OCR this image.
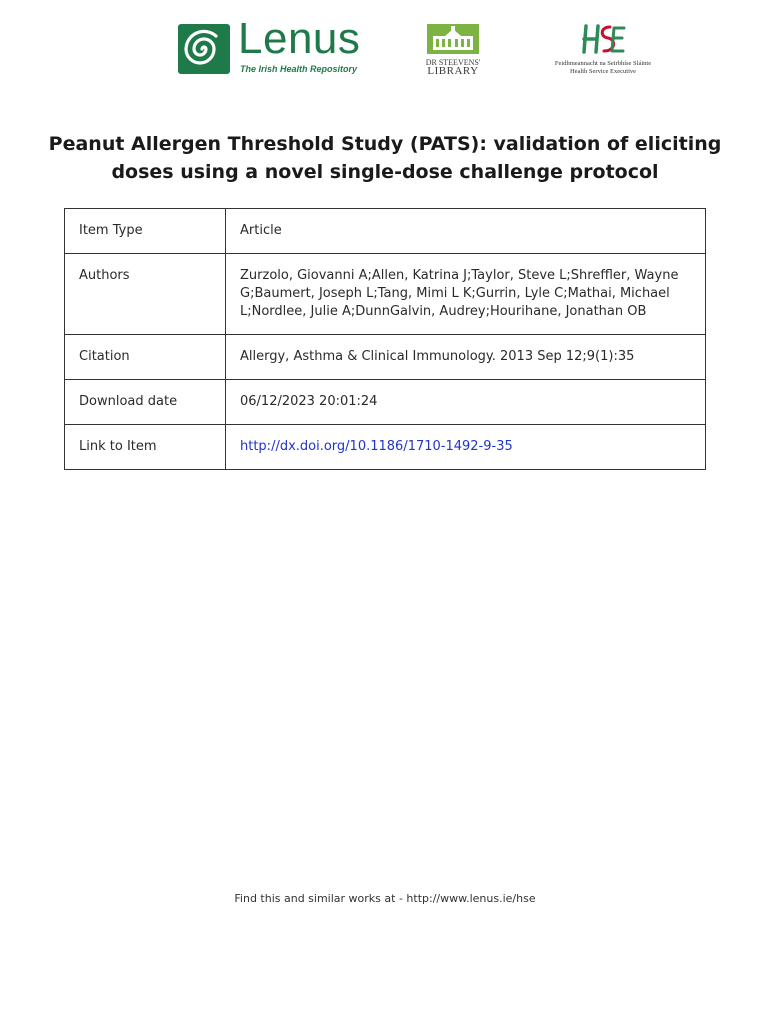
Lenus
The Irish Health Repository
DR STEEVENS'
LIBRARY
Feidhmeannacht na Seirbhíse Sláinte
Health Service Executive
Peanut Allergen Threshold Study (PATS): validation of eliciting doses using a novel single-dose challenge protocol
Item Type	Article
Authors	Zurzolo, Giovanni A;Allen, Katrina J;Taylor, Steve L;Shreffler, Wayne G;Baumert, Joseph L;Tang, Mimi L K;Gurrin, Lyle C;Mathai, Michael L;Nordlee, Julie A;DunnGalvin, Audrey;Hourihane, Jonathan OB
Citation	Allergy, Asthma & Clinical Immunology. 2013 Sep 12;9(1):35
Download date	06/12/2023 20:01:24
Link to Item	http://dx.doi.org/10.1186/1710-1492-9-35
Find this and similar works at - http://www.lenus.ie/hse
